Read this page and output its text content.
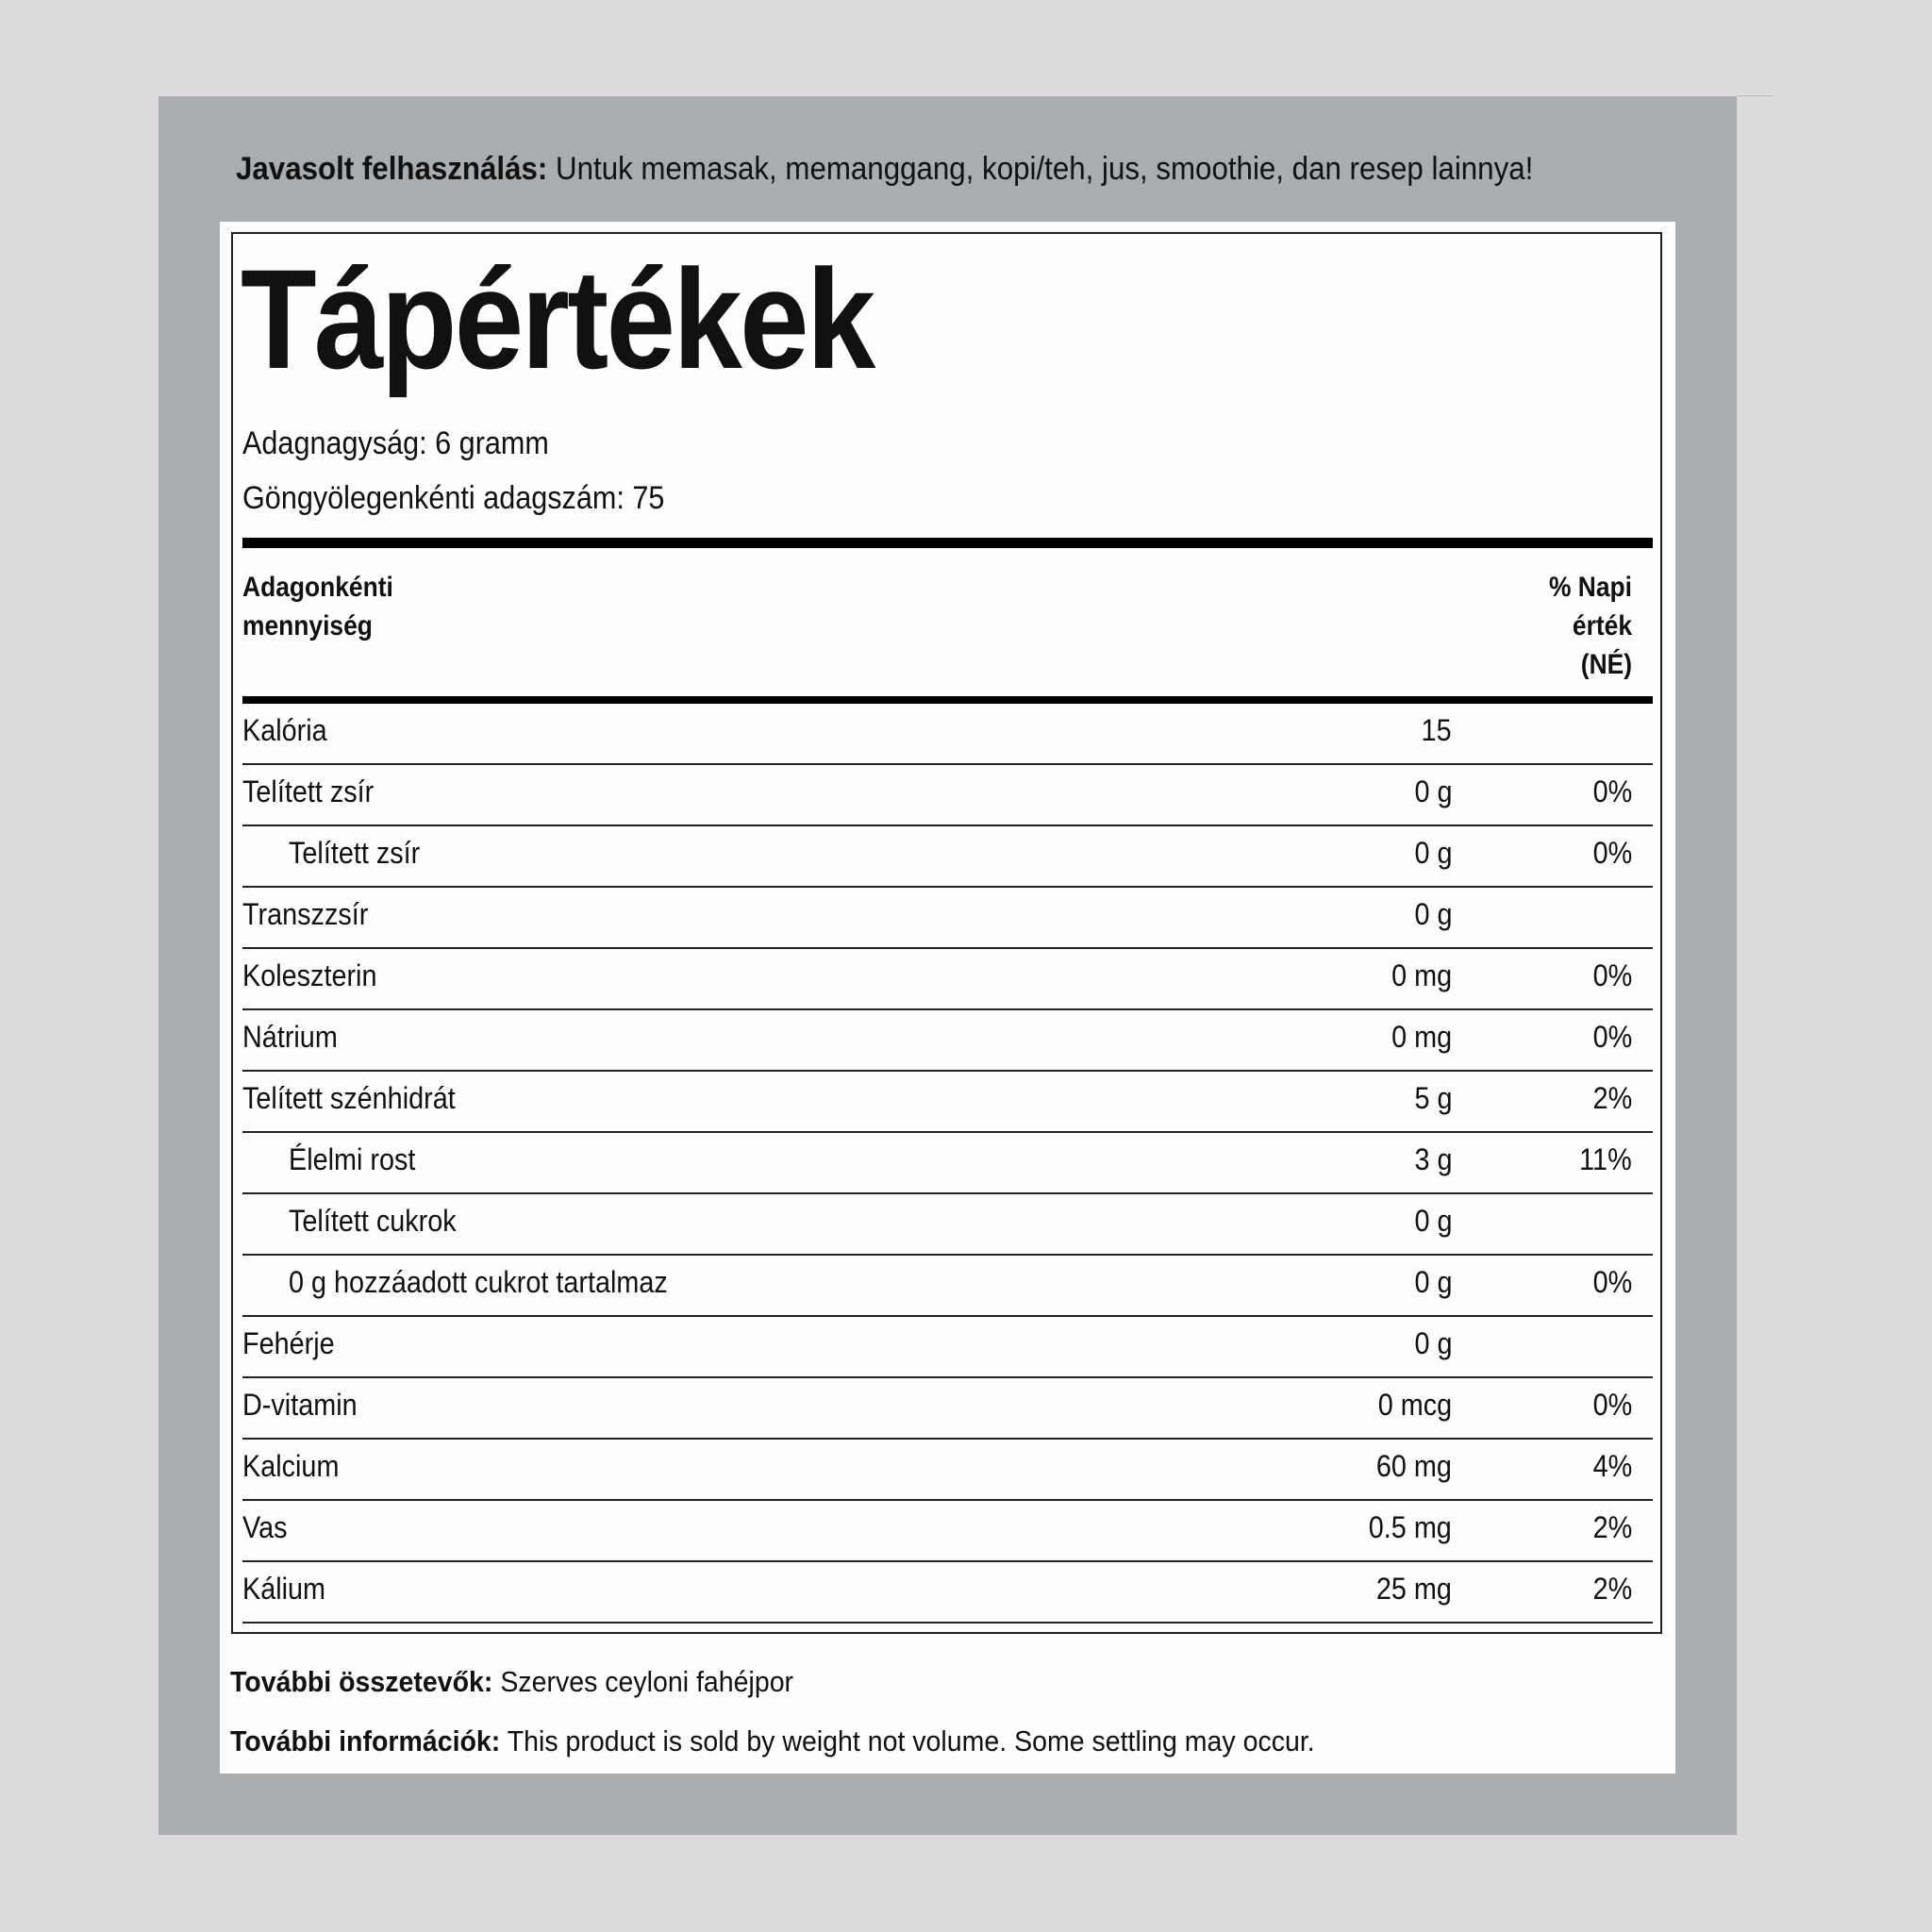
Javasolt felhasználás: Untuk memasak, memanggang, kopi/teh, jus, smoothie, dan resep lainnya!
Tápértékek
Adagnagyság: 6 gramm
Göngyölegenkénti adagszám: 75
Adagonkénti
mennyiség
% Napi
érték
(NÉ)
Kalória	15
Telített zsír	0 g	0%
Telített zsír	0 g	0%
Transzzsír	0 g
Koleszterin	0 mg	0%
Nátrium	0 mg	0%
Telített szénhidrát	5 g	2%
Élelmi rost	3 g	11%
Telített cukrok	0 g
0 g hozzáadott cukrot tartalmaz	0 g	0%
Fehérje	0 g
D-vitamin	0 mcg	0%
Kalcium	60 mg	4%
Vas	0.5 mg	2%
Kálium	25 mg	2%
További összetevők: Szerves ceyloni fahéjpor
További információk: This product is sold by weight not volume. Some settling may occur.
